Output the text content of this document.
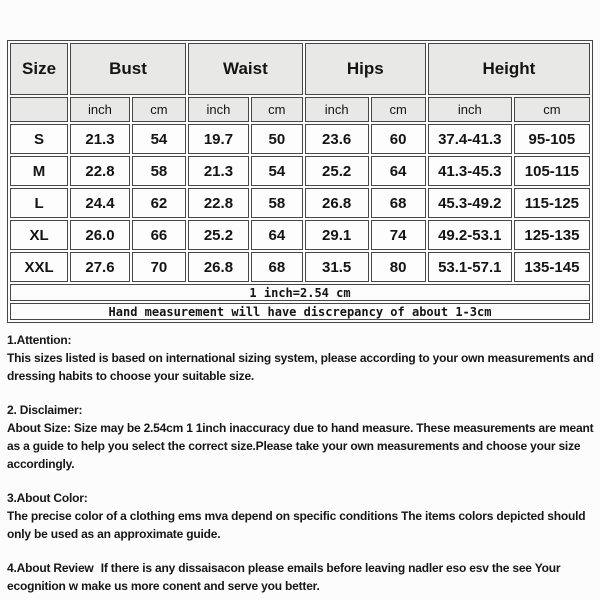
Size	Bust		Waist		Hips		Height	
	inch	cm	inch	cm	inch	cm	inch	cm
S	21.3	54	19.7	50	23.6	60	37.4-41.3	95-105
M	22.8	58	21.3	54	25.2	64	41.3-45.3	105-115
L	24.4	62	22.8	58	26.8	68	45.3-49.2	115-125
XL	26.0	66	25.2	64	29.1	74	49.2-53.1	125-135
XXL	27.6	70	26.8	68	31.5	80	53.1-57.1	135-145
1 inch=2.54 cm								
Hand measurement will have discrepancy of about 1-3cm								
1.Attention:
This sizes listed is based on international sizing system, please according to your own measurements and dressing habits to choose your suitable size.
2. Disclaimer:
About Size: Size may be 2.54cm 1 1inch inaccuracy due to hand measure. These measurements are meant as a guide to help you select the correct size.Please take your own measurements and choose your size accordingly.
3.About Color:
The precise color of a clothing ems mva depend on specific conditions The items colors depicted should only be used as an approximate guide.
4.About Review If there is any dissaisacon please emails before leaving nadler eso esv the see Your ecognition w make us more conent and serve you better.
